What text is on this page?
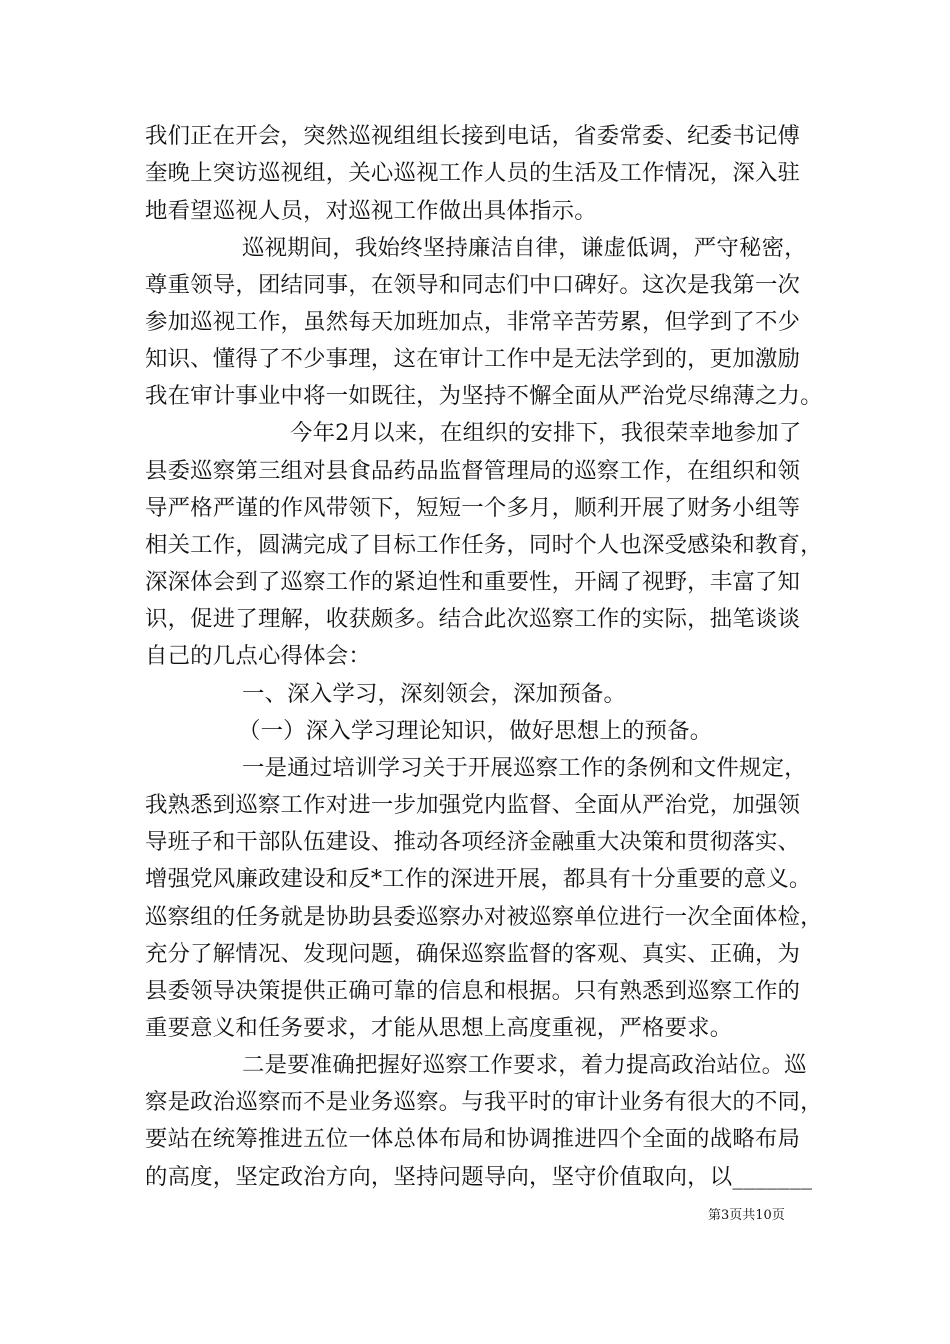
我们正在开会，突然巡视组组长接到电话，省委常委、纪委书记傅
奎晚上突访巡视组，关心巡视工作人员的生活及工作情况，深入驻
地看望巡视人员，对巡视工作做出具体指示。
巡视期间，我始终坚持廉洁自律，谦虚低调，严守秘密，
尊重领导，团结同事，在领导和同志们中口碑好。这次是我第一次
参加巡视工作，虽然每天加班加点，非常辛苦劳累，但学到了不少
知识、懂得了不少事理，这在审计工作中是无法学到的，更加激励
我在审计事业中将一如既往，为坚持不懈全面从严治党尽绵薄之力。
今年2月以来，在组织的安排下，我很荣幸地参加了
县委巡察第三组对县食品药品监督管理局的巡察工作，在组织和领
导严格严谨的作风带领下，短短一个多月，顺利开展了财务小组等
相关工作，圆满完成了目标工作任务，同时个人也深受感染和教育，
深深体会到了巡察工作的紧迫性和重要性，开阔了视野，丰富了知
识，促进了理解，收获颇多。结合此次巡察工作的实际，拙笔谈谈
自己的几点心得体会：
一、深入学习，深刻领会，深加预备。
（一）深入学习理论知识，做好思想上的预备。
一是通过培训学习关于开展巡察工作的条例和文件规定，
我熟悉到巡察工作对进一步加强党内监督、全面从严治党，加强领
导班子和干部队伍建设、推动各项经济金融重大决策和贯彻落实、
增强党风廉政建设和反*工作的深进开展，都具有十分重要的意义。
巡察组的任务就是协助县委巡察办对被巡察单位进行一次全面体检，
充分了解情况、发现问题，确保巡察监督的客观、真实、正确，为
县委领导决策提供正确可靠的信息和根据。只有熟悉到巡察工作的
重要意义和任务要求，才能从思想上高度重视，严格要求。
二是要准确把握好巡察工作要求，着力提高政治站位。巡
察是政治巡察而不是业务巡察。与我平时的审计业务有很大的不同，
要站在统筹推进五位一体总体布局和协调推进四个全面的战略布局
的高度，坚定政治方向，坚持问题导向，坚守价值取向，以_______
第3页共10页
